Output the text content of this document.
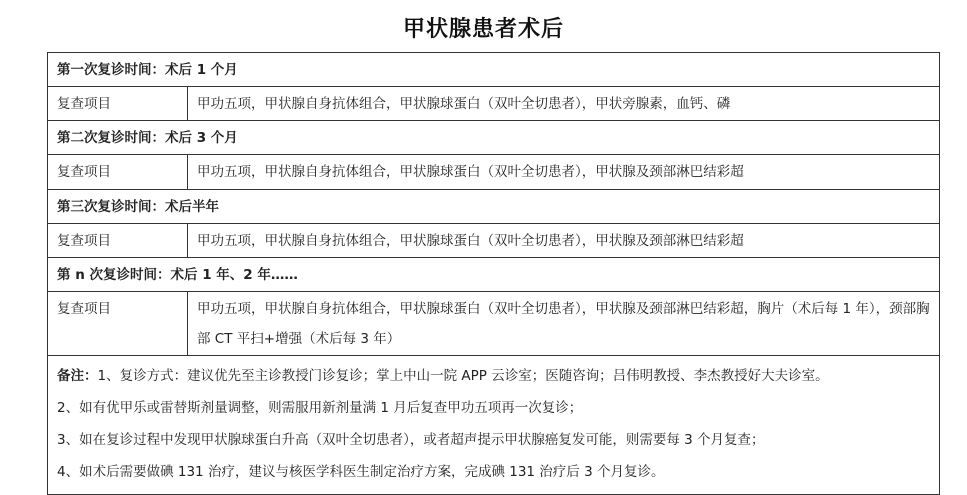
甲状腺患者术后
第一次复诊时间：术后 1 个月
复查项目	甲功五项，甲状腺自身抗体组合，甲状腺球蛋白（双叶全切患者），甲状旁腺素，血钙、磷
第二次复诊时间：术后 3 个月
复查项目	甲功五项，甲状腺自身抗体组合，甲状腺球蛋白（双叶全切患者），甲状腺及颈部淋巴结彩超
第三次复诊时间：术后半年
复查项目	甲功五项，甲状腺自身抗体组合，甲状腺球蛋白（双叶全切患者），甲状腺及颈部淋巴结彩超
第 n 次复诊时间：术后 1 年、2 年……
复查项目	甲功五项，甲状腺自身抗体组合，甲状腺球蛋白（双叶全切患者），甲状腺及颈部淋巴结彩超，胸片（术后每 1 年），颈部胸部 CT 平扫+增强（术后每 3 年）
备注：1、复诊方式：建议优先至主诊教授门诊复诊；掌上中山一院 APP 云诊室；医随咨询；吕伟明教授、李杰教授好大夫诊室。
2、如有优甲乐或雷替斯剂量调整，则需服用新剂量满 1 月后复查甲功五项再一次复诊；
3、如在复诊过程中发现甲状腺球蛋白升高（双叶全切患者），或者超声提示甲状腺癌复发可能，则需要每 3 个月复查；
4、如术后需要做碘 131 治疗，建议与核医学科医生制定治疗方案，完成碘 131 治疗后 3 个月复诊。
